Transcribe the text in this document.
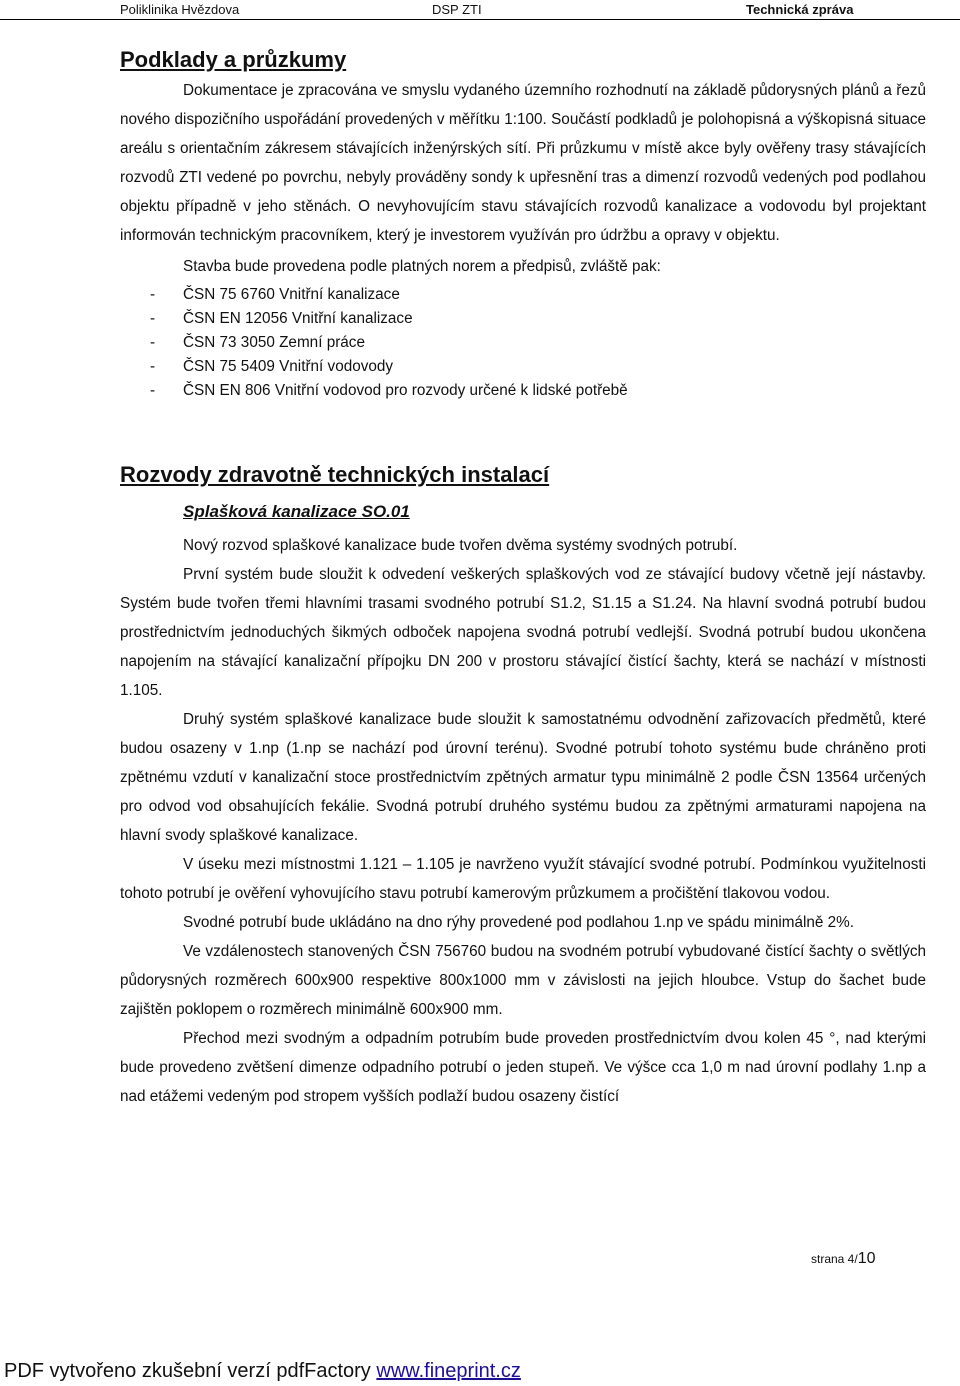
Poliklinika Hvězdova	DSP ZTI	Technická zpráva
Podklady a průzkumy

Dokumentace je zpracována ve smyslu vydaného územního rozhodnutí na základě půdorysných plánů a řezů nového dispozičního uspořádání provedených v měřítku 1:100. Součástí podkladů je polohopisná a výškopisná situace areálu s orientačním zákresem stávajících inženýrských sítí. Při průzkumu v místě akce byly ověřeny trasy stávajících rozvodů ZTI vedené po povrchu, nebyly prováděny sondy k upřesnění tras a dimenzí rozvodů vedených pod podlahou objektu případně v jeho stěnách. O nevyhovujícím stavu stávajících rozvodů kanalizace a vodovodu byl projektant informován technickým pracovníkem, který je investorem využíván pro údržbu a opravy v objektu.

Stavba bude provedena podle platných norem a předpisů, zvláště pak:

- ČSN 75 6760 Vnitřní kanalizace
- ČSN EN 12056 Vnitřní kanalizace
- ČSN 73 3050 Zemní práce
- ČSN 75 5409 Vnitřní vodovody
- ČSN EN 806 Vnitřní vodovod pro rozvody určené k lidské potřebě
Rozvody zdravotně technických instalací
Splašková kanalizace SO.01

Nový rozvod splaškové kanalizace bude tvořen dvěma systémy svodných potrubí.

První systém bude sloužit k odvedení veškerých splaškových vod ze stávající budovy včetně její nástavby. Systém bude tvořen třemi hlavními trasami svodného potrubí S1.2, S1.15 a S1.24. Na hlavní svodná potrubí budou prostřednictvím jednoduchých šikmých odboček napojena svodná potrubí vedlejší. Svodná potrubí budou ukončena napojením na stávající kanalizační přípojku DN 200 v prostoru stávající čistící šachty, která se nachází v místnosti 1.105.

Druhý systém splaškové kanalizace bude sloužit k samostatnému odvodnění zařizovacích předmětů, které budou osazeny v 1.np (1.np se nachází pod úrovní terénu). Svodné potrubí tohoto systému bude chráněno proti zpětnému vzdutí v kanalizační stoce prostřednictvím zpětných armatur typu minimálně 2 podle ČSN 13564 určených pro odvod vod obsahujících fekálie. Svodná potrubí druhého systému budou za zpětnými armaturami napojena na hlavní svody splaškové kanalizace.

V úseku mezi místnostmi 1.121 – 1.105 je navrženo využít stávající svodné potrubí. Podmínkou využitelnosti tohoto potrubí je ověření vyhovujícího stavu potrubí kamerovým průzkumem a pročištění tlakovou vodou.

Svodné potrubí bude ukládáno na dno rýhy provedené pod podlahou 1.np ve spádu minimálně 2%.

Ve vzdálenostech stanovených ČSN 756760 budou na svodném potrubí vybudované čistící šachty o světlých půdorysných rozměrech 600x900 respektive 800x1000 mm v závislosti na jejich hloubce. Vstup do šachet bude zajištěn poklopem o rozměrech minimálně 600x900 mm.

Přechod mezi svodným a odpadním potrubím bude proveden prostřednictvím dvou kolen 45 °, nad kterými bude provedeno zvětšení dimenze odpadního potrubí o jeden stupeň. Ve výšce cca 1,0 m nad úrovní podlahy 1.np a nad etážemi vedeným pod stropem vyšších podlaží budou osazeny čistící

strana 4/10
PDF vytvořeno zkušební verzí pdfFactory www.fineprint.cz
